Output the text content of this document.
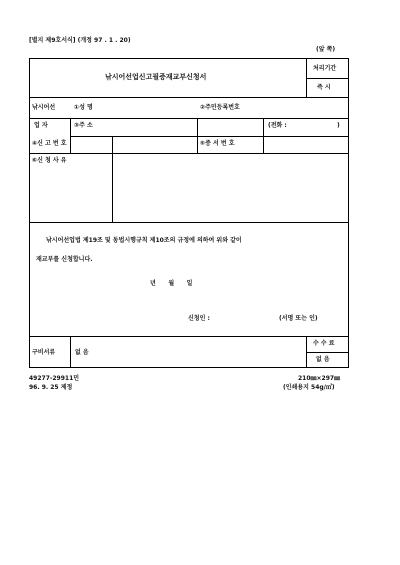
[별지 제9호서식] (개정 97 . 1 . 20)
(앞 쪽)
낚시어선업신고필증재교부신청서
처리기간
즉 시
낚시어선
업 자
①성 명	②주민등록번호
③주 소	(전화 :	)
④신 고 번 호	⑤증 서 번 호
⑥신 청 사 유
낚시어선업법 제19조 및 동법시행규칙 제10조의 규정에 의하여 위와 같이
재교부를 신청합니다.
년      월      일
신청인 :	(서명 또는 인)
구비서류	없 음
수 수 료
없 음
49277-29911민
96. 9. 25 제정
210㎜×297㎜
(인쇄용지 54g/㎡)
